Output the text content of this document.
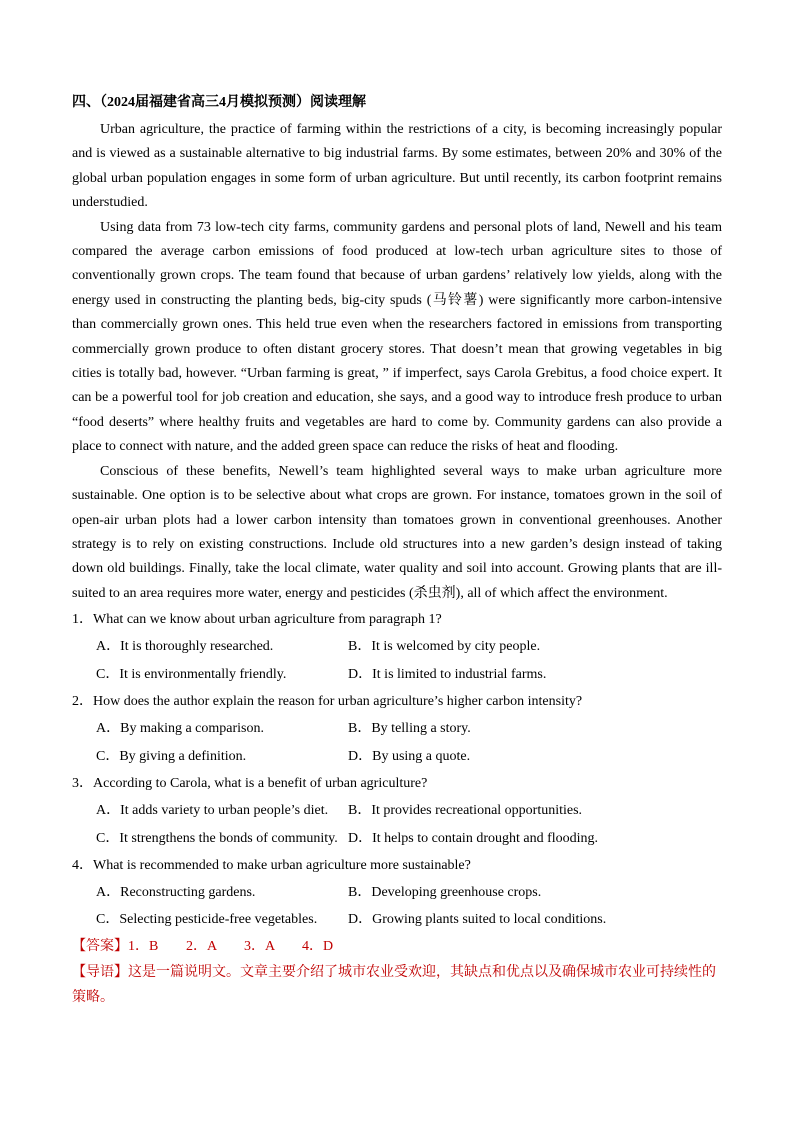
四、（2024届福建省高三4月模拟预测）阅读理解

Urban agriculture, the practice of farming within the restrictions of a city, is becoming increasingly popular and is viewed as a sustainable alternative to big industrial farms. By some estimates, between 20% and 30% of the global urban population engages in some form of urban agriculture. But until recently, its carbon footprint remains understudied.

Using data from 73 low-tech city farms, community gardens and personal plots of land, Newell and his team compared the average carbon emissions of food produced at low-tech urban agriculture sites to those of conventionally grown crops. The team found that because of urban gardens’ relatively low yields, along with the energy used in constructing the planting beds, big-city spuds (马铃薯) were significantly more carbon-intensive than commercially grown ones. This held true even when the researchers factored in emissions from transporting commercially grown produce to often distant grocery stores. That doesn’t mean that growing vegetables in big cities is totally bad, however. “Urban farming is great, ” if imperfect, says Carola Grebitus, a food choice expert. It can be a powerful tool for job creation and education, she says, and a good way to introduce fresh produce to urban “food deserts” where healthy fruits and vegetables are hard to come by. Community gardens can also provide a place to connect with nature, and the added green space can reduce the risks of heat and flooding.

Conscious of these benefits, Newell’s team highlighted several ways to make urban agriculture more sustainable. One option is to be selective about what crops are grown. For instance, tomatoes grown in the soil of open-air urban plots had a lower carbon intensity than tomatoes grown in conventional greenhouses. Another strategy is to rely on existing constructions. Include old structures into a new garden’s design instead of taking down old buildings. Finally, take the local climate, water quality and soil into account. Growing plants that are ill-suited to an area requires more water, energy and pesticides (杀虫剂), all of which affect the environment.

1．What can we know about urban agriculture from paragraph 1?
A．It is thoroughly researched.	B．It is welcomed by city people.
C．It is environmentally friendly.	D．It is limited to industrial farms.
2．How does the author explain the reason for urban agriculture’s higher carbon intensity?
A．By making a comparison.	B．By telling a story.
C．By giving a definition.	D．By using a quote.
3．According to Carola, what is a benefit of urban agriculture?
A．It adds variety to urban people’s diet.	B．It provides recreational opportunities.
C．It strengthens the bonds of community. D．It helps to contain drought and flooding.
4．What is recommended to make urban agriculture more sustainable?
A．Reconstructing gardens.	B．Developing greenhouse crops.
C．Selecting pesticide-free vegetables.	D．Growing plants suited to local conditions.
【答案】1．B 2．A 3．A 4．D
【导语】这是一篇说明文。文章主要介绍了城市农业受欢迎，其缺点和优点以及确保城市农业可持续性的策略。
